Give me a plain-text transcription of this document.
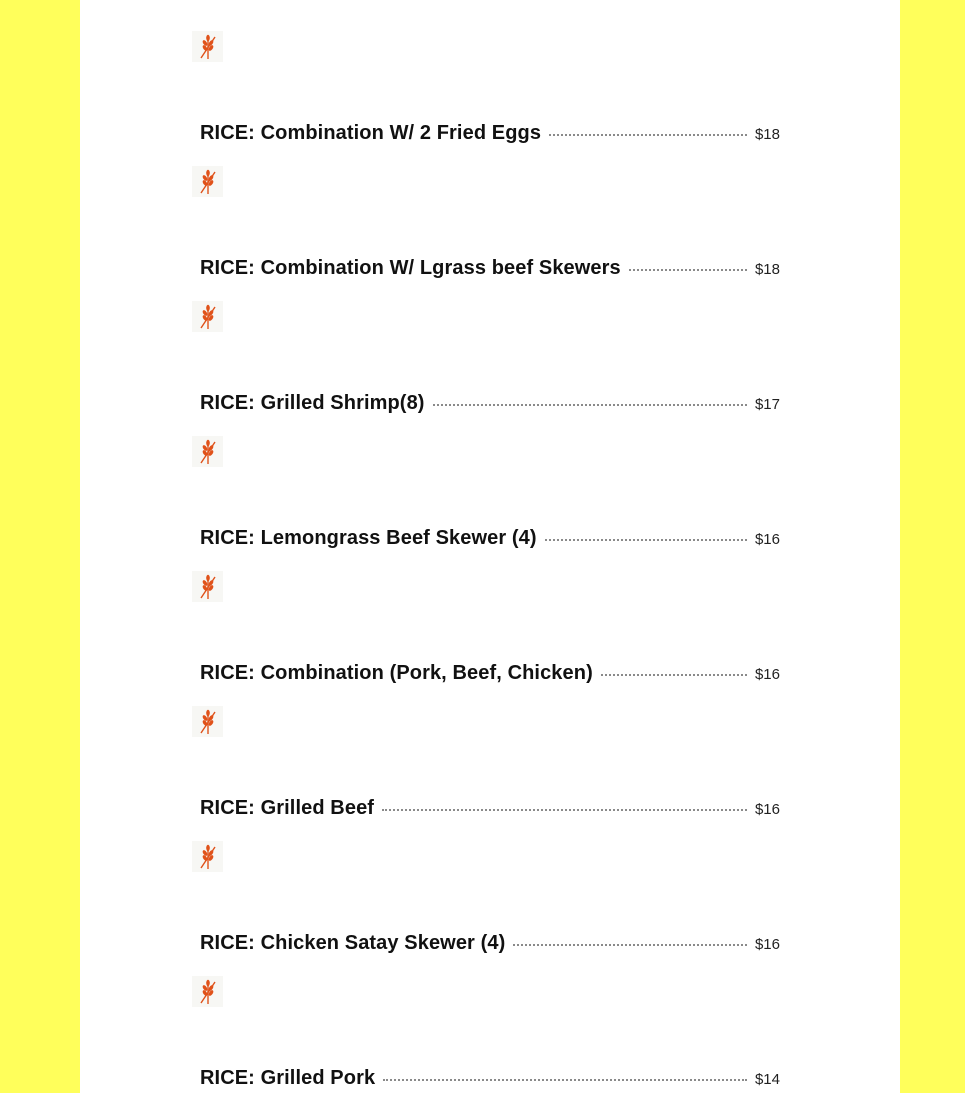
RICE: Combination W/ 2 Fried Eggs	$18
RICE: Combination W/ Lgrass beef Skewers	$18
RICE: Grilled Shrimp(8)	$17
RICE: Lemongrass Beef Skewer (4)	$16
RICE: Combination (Pork, Beef, Chicken)	$16
RICE: Grilled Beef	$16
RICE: Chicken Satay Skewer (4)	$16
RICE: Grilled Pork	$14
